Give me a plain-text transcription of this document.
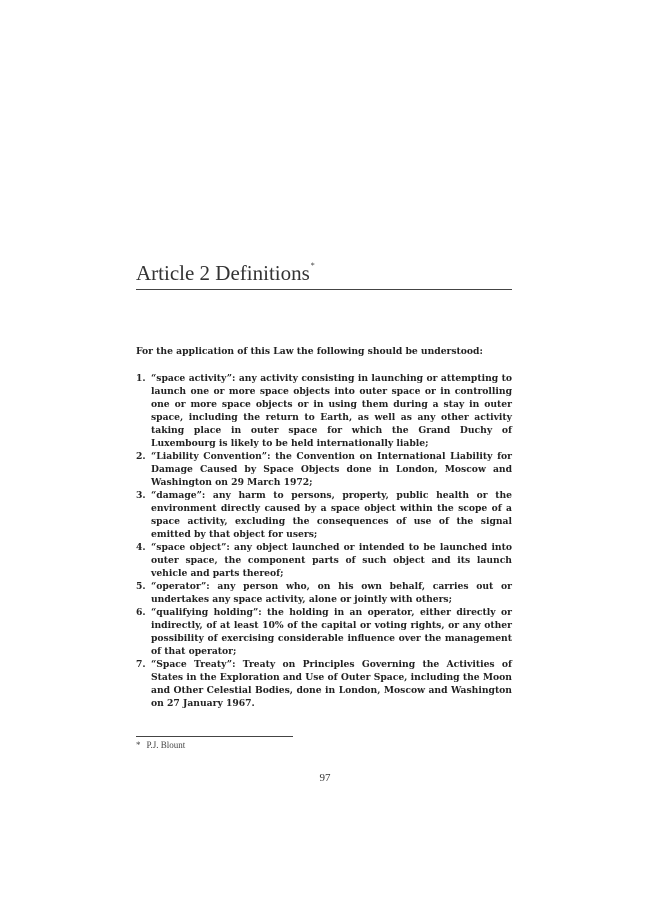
Article 2 Definitions*

For the application of this Law the following should be understood:

1. “space activity”: any activity consisting in launching or attempting to launch one or more space objects into outer space or in controlling one or more space objects or in using them during a stay in outer space, including the return to Earth, as well as any other activity taking place in outer space for which the Grand Duchy of Luxembourg is likely to be held internationally liable;
2. “Liability Convention”: the Convention on International Liability for Damage Caused by Space Objects done in London, Moscow and Washington on 29 March 1972;
3. “damage”: any harm to persons, property, public health or the environment directly caused by a space object within the scope of a space activity, excluding the consequences of use of the signal emitted by that object for users;
4. “space object”: any object launched or intended to be launched into outer space, the component parts of such object and its launch vehicle and parts thereof;
5. “operator”: any person who, on his own behalf, carries out or undertakes any space activity, alone or jointly with others;
6. “qualifying holding”: the holding in an operator, either directly or indirectly, of at least 10% of the capital or voting rights, or any other possibility of exercising considerable influence over the management of that operator;
7. “Space Treaty”: Treaty on Principles Governing the Activities of States in the Exploration and Use of Outer Space, including the Moon and Other Celestial Bodies, done in London, Moscow and Washington on 27 January 1967.
* P.J. Blount
97
